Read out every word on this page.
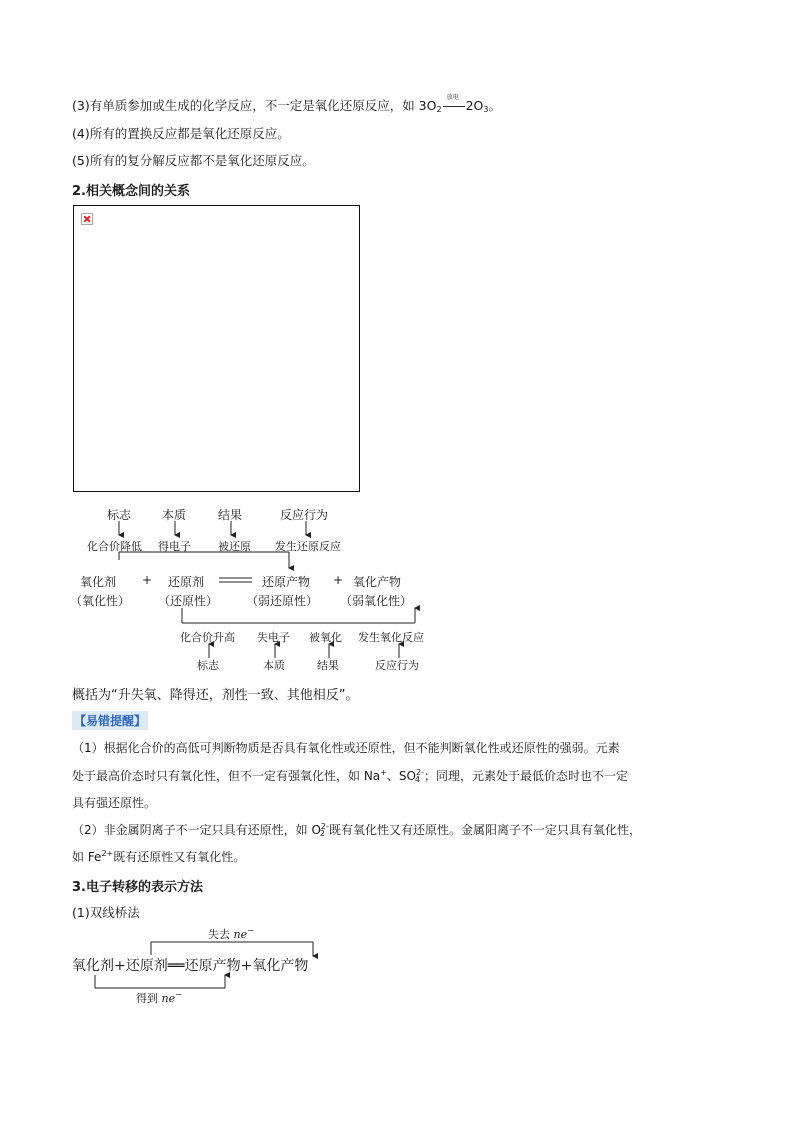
(3)有单质参加或生成的化学反应，不一定是氧化还原反应，如 $3O_2$
放电
$2O_3$。
(4)所有的置换反应都是氧化还原反应。
(5)所有的复分解反应都不是氧化还原反应。
2.相关概念间的关系
标志	本质	结果	反应行为
化合价降低 得电子 被还原 发生还原反应
氧化剂 + 还原剂	还原产物 + 氧化产物
（氧化性） （还原性） （弱还原性） （弱氧化性）
化合价升高 失电子 被氧化 发生氧化反应
标志	本质	结果	反应行为
概括为“升失氧、降得还，剂性一致、其他相反”。
【易错提醒】
（1）根据化合价的高低可判断物质是否具有氧化性或还原性，但不能判断氧化性或还原性的强弱。元素
处于最高价态时只有氧化性，但不一定有强氧化性，如 Na+、$SO^{2-}_4$ ；同理，元素处于最低价态时也不一定
具有强还原性。
（2）非金属阴离子不一定只具有还原性，如 $O^{2-}_2$ 既有氧化性又有还原性。金属阳离子不一定只具有氧化性，
如 $Fe^{2+}$既有还原性又有氧化性。
3.电子转移的表示方法
(1)双线桥法
失去 ne−
氧化剂+还原剂══还原产物+氧化产物
得到 ne−
